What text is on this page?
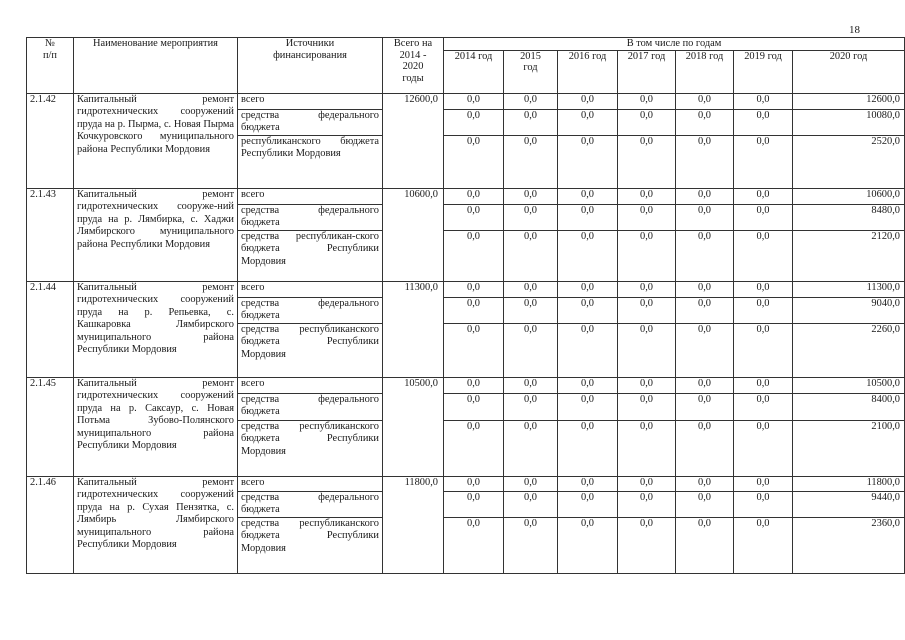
18
№
п/п	Наименование мероприятия	Источники
финансирования	Всего на
2014 -
2020
годы	В том числе по годам						
				2014 год	2015
год	2016 год	2017 год	2018 год	2019 год	2020 год
2.1.42	Капитальный ремонт гидротехнических сооружений пруда на р. Пырма, с. Новая Пырма Кочкуровского муниципального района Республики Мордовия	всего	12600,0	0,0	0,0	0,0	0,0	0,0	0,0	12600,0
		средства федерального бюджета		0,0	0,0	0,0	0,0	0,0	0,0	10080,0
		республиканского бюджета Республики Мордовия		0,0	0,0	0,0	0,0	0,0	0,0	2520,0
2.1.43	Капитальный ремонт гидротехнических сооруже-ний пруда на р. Лямбирка, с. Хаджи Лямбирского муниципального района Республики Мордовия	всего	10600,0	0,0	0,0	0,0	0,0	0,0	0,0	10600,0
		средства федерального бюджета		0,0	0,0	0,0	0,0	0,0	0,0	8480,0
		средства республикан-ского бюджета Республики Мордовия		0,0	0,0	0,0	0,0	0,0	0,0	2120,0
2.1.44	Капитальный ремонт гидротехнических сооружений пруда на р. Репьевка, с. Кашкаровка Лямбирского муниципального района Республики Мордовия	всего	11300,0	0,0	0,0	0,0	0,0	0,0	0,0	11300,0
		средства федерального бюджета		0,0	0,0	0,0	0,0	0,0	0,0	9040,0
		средства республиканского бюджета Республики Мордовия		0,0	0,0	0,0	0,0	0,0	0,0	2260,0
2.1.45	Капитальный ремонт гидротехнических сооружений пруда на р. Саксаур, с. Новая Потьма Зубово-Полянского муниципального района Республики Мордовия	всего	10500,0	0,0	0,0	0,0	0,0	0,0	0,0	10500,0
		средства федерального бюджета		0,0	0,0	0,0	0,0	0,0	0,0	8400,0
		средства республиканского бюджета Республики Мордовия		0,0	0,0	0,0	0,0	0,0	0,0	2100,0
2.1.46	Капитальный ремонт гидротехнических сооружений пруда на р. Сухая Пензятка, с. Лямбирь Лямбирского муниципального района Республики Мордовия	всего	11800,0	0,0	0,0	0,0	0,0	0,0	0,0	11800,0
		средства федерального бюджета		0,0	0,0	0,0	0,0	0,0	0,0	9440,0
		средства республиканского бюджета Республики Мордовия		0,0	0,0	0,0	0,0	0,0	0,0	2360,0
